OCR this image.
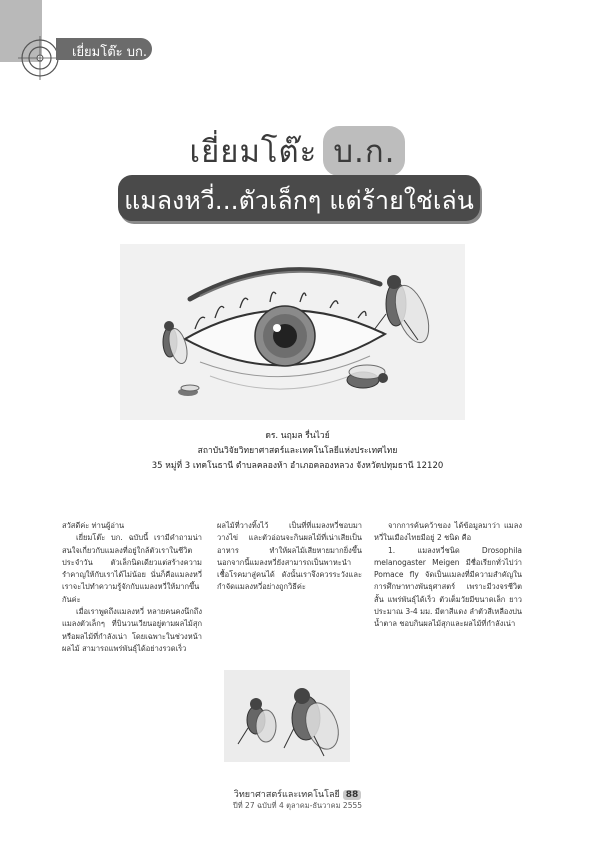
เยี่ยมโต๊ะ บก.
เยี่ยมโต๊ะ บ.ก.
แมลงหวี่...ตัวเล็กๆ แต่ร้ายใช่เล่น
ดร. นฤมล รื่นไวย์
สถาบันวิจัยวิทยาศาสตร์และเทคโนโลยีแห่งประเทศไทย
35 หมู่ที่ 3 เทคโนธานี ตำบลคลองห้า อำเภอคลองหลวง จังหวัดปทุมธานี 12120

สวัสดีค่ะ ท่านผู้อ่าน

เยี่ยมโต๊ะ บก. ฉบับนี้ เรามีคำถามน่าสนใจเกี่ยวกับแมลงที่อยู่ใกล้ตัวเราในชีวิตประจำวัน ตัวเล็กนิดเดียวแต่สร้างความรำคาญให้กับเราได้ไม่น้อย นั่นก็คือแมลงหวี่ เราจะไปทำความรู้จักกับแมลงหวี่ให้มากขึ้นกันค่ะ

เมื่อเราพูดถึงแมลงหวี่ หลายคนคงนึกถึงแมลงตัวเล็กๆ ที่บินวนเวียนอยู่ตามผลไม้สุก หรือผลไม้ที่กำลังเน่า โดยเฉพาะในช่วงหน้าผลไม้ สามารถแพร่พันธุ์ได้อย่างรวดเร็ว

ผลไม้ที่วางทิ้งไว้ เป็นที่ที่แมลงหวี่ชอบมาวางไข่ และตัวอ่อนจะกินผลไม้ที่เน่าเสียเป็นอาหาร ทำให้ผลไม้เสียหายมากยิ่งขึ้น นอกจากนี้แมลงหวี่ยังสามารถเป็นพาหะนำเชื้อโรคมาสู่คนได้ ดังนั้นเราจึงควรระวังและกำจัดแมลงหวี่อย่างถูกวิธีค่ะ

จากการค้นคว้าของ ได้ข้อมูลมาว่า แมลงหวี่ในเมืองไทยมีอยู่ 2 ชนิด คือ

1. แมลงหวี่ชนิด Drosophila melanogaster Meigen มีชื่อเรียกทั่วไปว่า Pomace fly จัดเป็นแมลงที่มีความสำคัญในการศึกษาทางพันธุศาสตร์ เพราะมีวงจรชีวิตสั้น แพร่พันธุ์ได้เร็ว ตัวเต็มวัยมีขนาดเล็ก ยาวประมาณ 3-4 มม. มีตาสีแดง ลำตัวสีเหลืองปนน้ำตาล ชอบกินผลไม้สุกและผลไม้ที่กำลังเน่า

วิทยาศาสตร์และเทคโนโลยี 88
ปีที่ 27 ฉบับที่ 4 ตุลาคม-ธันวาคม 2555
